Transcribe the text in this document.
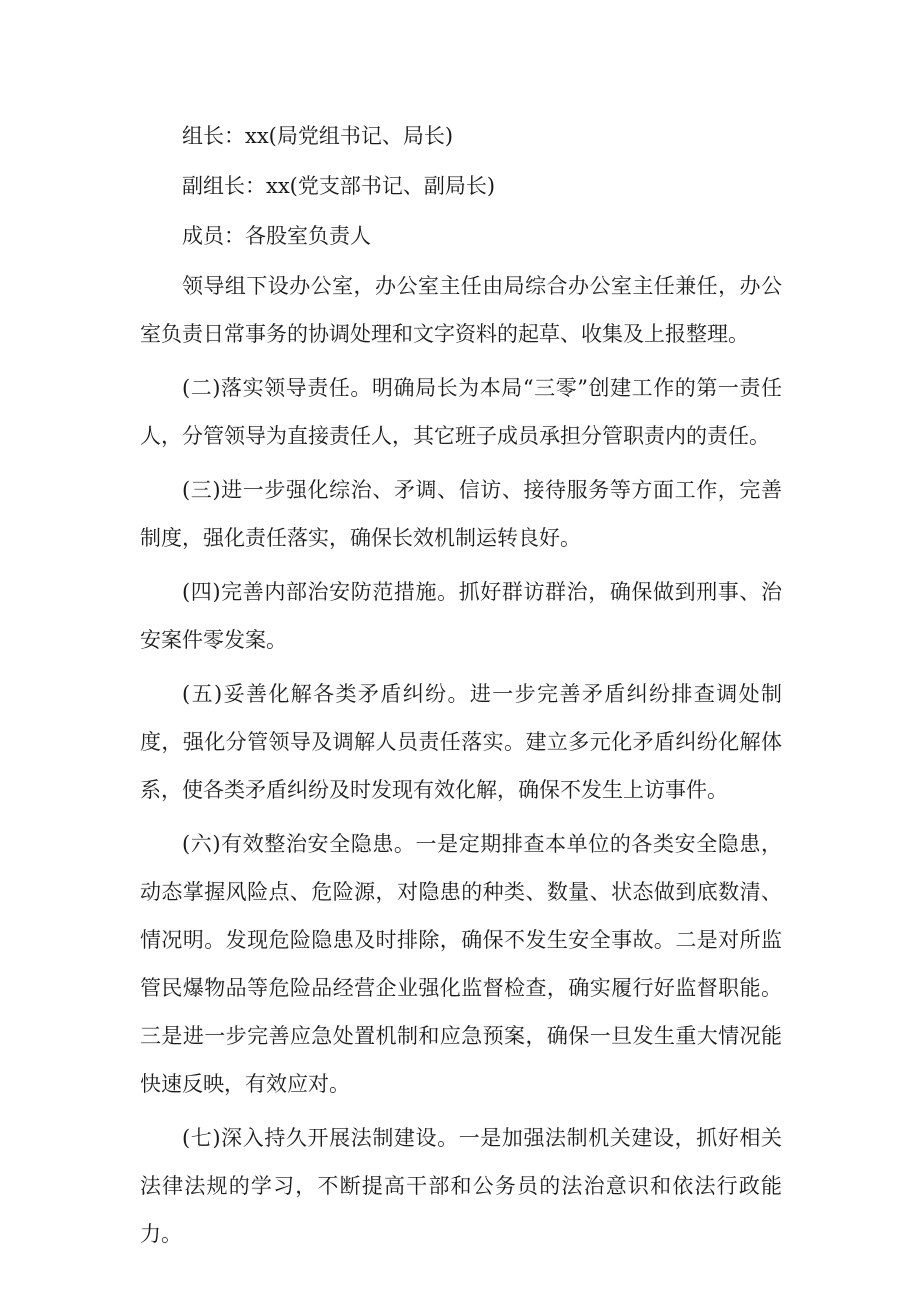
组长：xx(局党组书记、局长)

副组长：xx(党支部书记、副局长)

成员：各股室负责人

领导组下设办公室，办公室主任由局综合办公室主任兼任，办公室负责日常事务的协调处理和文字资料的起草、收集及上报整理。

(二)落实领导责任。明确局长为本局“三零”创建工作的第一责任人，分管领导为直接责任人，其它班子成员承担分管职责内的责任。

(三)进一步强化综治、矛调、信访、接待服务等方面工作，完善制度，强化责任落实，确保长效机制运转良好。

(四)完善内部治安防范措施。抓好群访群治，确保做到刑事、治安案件零发案。

(五)妥善化解各类矛盾纠纷。进一步完善矛盾纠纷排查调处制度，强化分管领导及调解人员责任落实。建立多元化矛盾纠纷化解体系，使各类矛盾纠纷及时发现有效化解，确保不发生上访事件。

(六)有效整治安全隐患。一是定期排查本单位的各类安全隐患，动态掌握风险点、危险源，对隐患的种类、数量、状态做到底数清、情况明。发现危险隐患及时排除，确保不发生安全事故。二是对所监管民爆物品等危险品经营企业强化监督检查，确实履行好监督职能。三是进一步完善应急处置机制和应急预案，确保一旦发生重大情况能快速反映，有效应对。

(七)深入持久开展法制建设。一是加强法制机关建设，抓好相关法律法规的学习，不断提高干部和公务员的法治意识和依法行政能力。
